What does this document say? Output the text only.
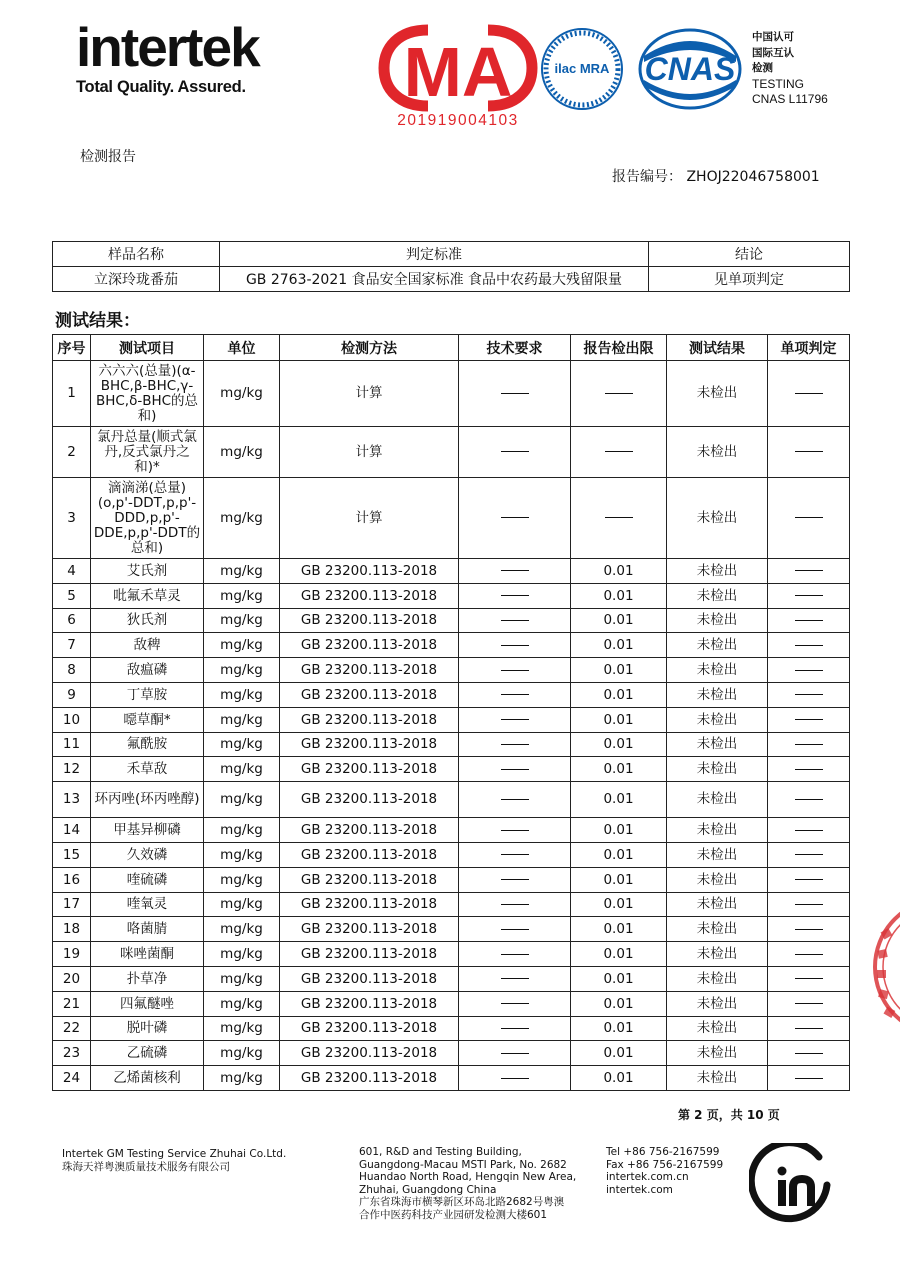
intertek
Total Quality. Assured.	MA
201919004103
ilac MRA CNAS
中国认可
国际互认
检测
TESTING
CNAS L11796
检测报告
报告编号： ZHOJ22046758001
样品名称	判定标准	结论
立深玲珑番茄	GB 2763-2021 食品安全国家标准 食品中农药最大残留限量	见单项判定
测试结果：
序号	测试项目	单位	检测方法	技术要求	报告检出限	测试结果	单项判定
1	六六六(总量)(α-BHC,β-BHC,γ-BHC,δ-BHC的总和)	mg/kg	计算			未检出	
2	氯丹总量(顺式氯丹,反式氯丹之和)*	mg/kg	计算			未检出	
3	滴滴涕(总量)(o,p'-DDT,p,p'-DDD,p,p'-DDE,p,p'-DDT的总和)	mg/kg	计算			未检出	
4	艾氏剂	mg/kg	GB 23200.113-2018		0.01	未检出	
5	吡氟禾草灵	mg/kg	GB 23200.113-2018		0.01	未检出	
6	狄氏剂	mg/kg	GB 23200.113-2018		0.01	未检出	
7	敌稗	mg/kg	GB 23200.113-2018		0.01	未检出	
8	敌瘟磷	mg/kg	GB 23200.113-2018		0.01	未检出	
9	丁草胺	mg/kg	GB 23200.113-2018		0.01	未检出	
10	噁草酮*	mg/kg	GB 23200.113-2018		0.01	未检出	
11	氟酰胺	mg/kg	GB 23200.113-2018		0.01	未检出	
12	禾草敌	mg/kg	GB 23200.113-2018		0.01	未检出	
13	环丙唑(环丙唑醇)	mg/kg	GB 23200.113-2018		0.01	未检出	
14	甲基异柳磷	mg/kg	GB 23200.113-2018		0.01	未检出	
15	久效磷	mg/kg	GB 23200.113-2018		0.01	未检出	
16	喹硫磷	mg/kg	GB 23200.113-2018		0.01	未检出	
17	喹氧灵	mg/kg	GB 23200.113-2018		0.01	未检出	
18	咯菌腈	mg/kg	GB 23200.113-2018		0.01	未检出	
19	咪唑菌酮	mg/kg	GB 23200.113-2018		0.01	未检出	
20	扑草净	mg/kg	GB 23200.113-2018		0.01	未检出	
21	四氟醚唑	mg/kg	GB 23200.113-2018		0.01	未检出	
22	脱叶磷	mg/kg	GB 23200.113-2018		0.01	未检出	
23	乙硫磷	mg/kg	GB 23200.113-2018		0.01	未检出	
24	乙烯菌核利	mg/kg	GB 23200.113-2018		0.01	未检出	
第 2 页，共 10 页
Intertek GM Testing Service Zhuhai Co.Ltd.
珠海天祥粤澳质量技术服务有限公司
601, R&D and Testing Building,
Guangdong-Macau MSTI Park, No. 2682
Huandao North Road, Hengqin New Area,
Zhuhai, Guangdong China
广东省珠海市横琴新区环岛北路2682号粤澳
合作中医药科技产业园研发检测大楼601
Tel +86 756-2167599
Fax +86 756-2167599
intertek.com.cn
intertek.com
